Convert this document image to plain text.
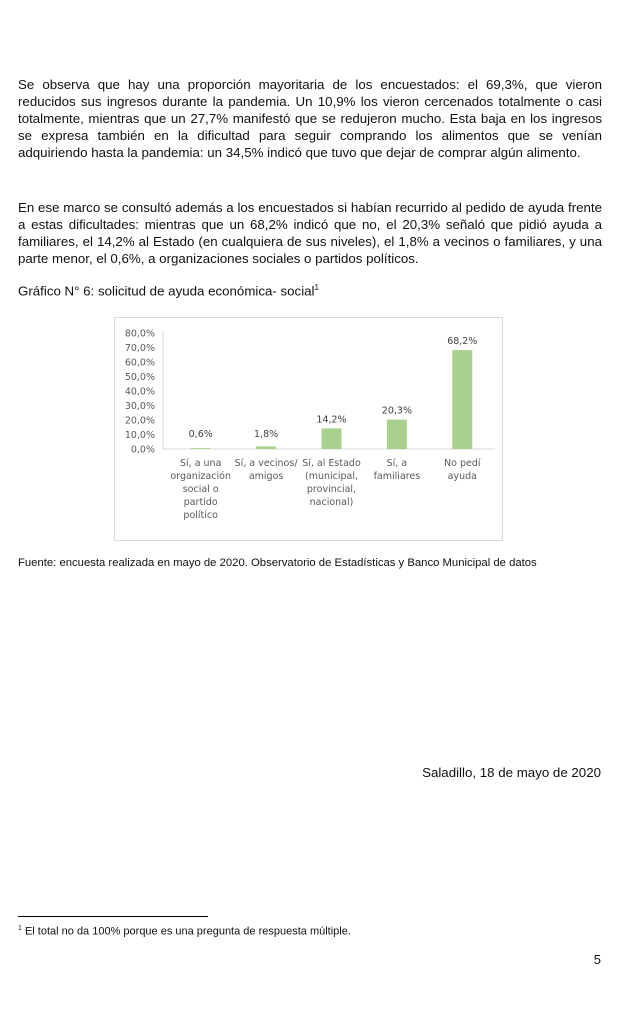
Se observa que hay una proporción mayoritaria de los encuestados: el 69,3%, que vieron reducidos sus ingresos durante la pandemia. Un 10,9% los vieron cercenados totalmente o casi totalmente, mientras que un 27,7% manifestó que se redujeron mucho. Esta baja en los ingresos se expresa también en la dificultad para seguir comprando los alimentos que se venían adquiriendo hasta la pandemia: un 34,5% indicó que tuvo que dejar de comprar algún alimento.

En ese marco se consultó además a los encuestados si habían recurrido al pedido de ayuda frente a estas dificultades: mientras que un 68,2% indicó que no, el 20,3% señaló que pidió ayuda a familiares, el 14,2% al Estado (en cualquiera de sus niveles), el 1,8% a vecinos o familiares, y una parte menor, el 0,6%, a organizaciones sociales o partidos políticos.

Gráfico N° 6: solicitud de ayuda económica- social$^1$

0,0%
10,0%
20,0%
30,0%
40,0%
50,0%
60,0%
70,0%
80,0%
0,6%
Sí, a una
organización
social o
partido
político
1,8%
Sí, a vecinos/
amigos
14,2%
Sí, al Estado
(municipal,
provincial,
nacional)
20,3%
Sí, a
familiares
68,2%
No pedí
ayuda

Fuente: encuesta realizada en mayo de 2020. Observatorio de Estadísticas y Banco Municipal de datos

Saladillo, 18 de mayo de 2020

$^1$ El total no da 100% porque es una pregunta de respuesta múltiple.

5
